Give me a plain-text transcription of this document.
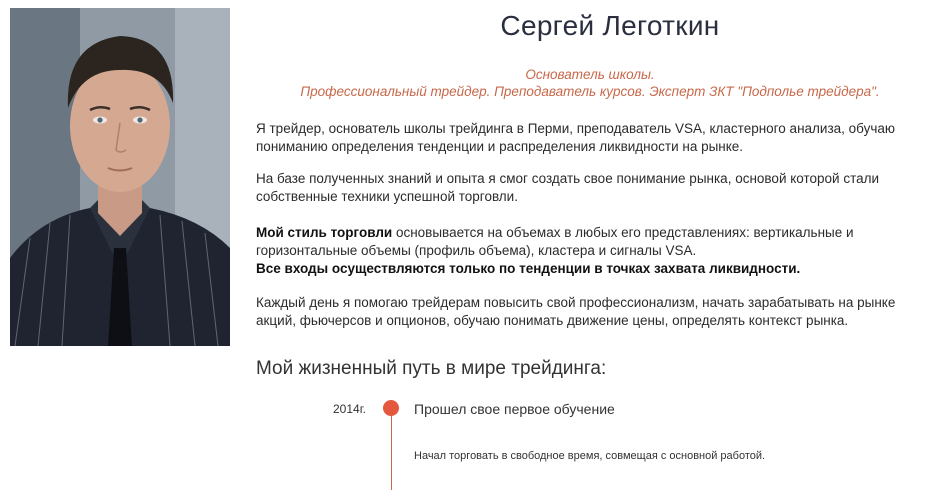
Сергей Леготкин
Основатель школы.
Профессиональный трейдер. Преподаватель курсов. Эксперт ЗКТ "Подполье трейдера".
Я трейдер, основатель школы трейдинга в Перми, преподаватель VSA, кластерного анализа, обучаю пониманию определения тенденции и распределения ликвидности на рынке.
На базе полученных знаний и опыта я смог создать свое понимание рынка, основой которой стали собственные техники успешной торговли.
Мой стиль торговли основывается на объемах в любых его представлениях: вертикальные и горизонтальные объемы (профиль объема), кластера и сигналы VSA.
Все входы осуществляются только по тенденции в точках захвата ликвидности.
Каждый день я помогаю трейдерам повысить свой профессионализм, начать зарабатывать на рынке акций, фьючерсов и опционов, обучаю понимать движение цены, определять контекст рынка.
Мой жизненный путь в мире трейдинга:
2014г.	Прошел свое первое обучение
Начал торговать в свободное время, совмещая с основной работой.
